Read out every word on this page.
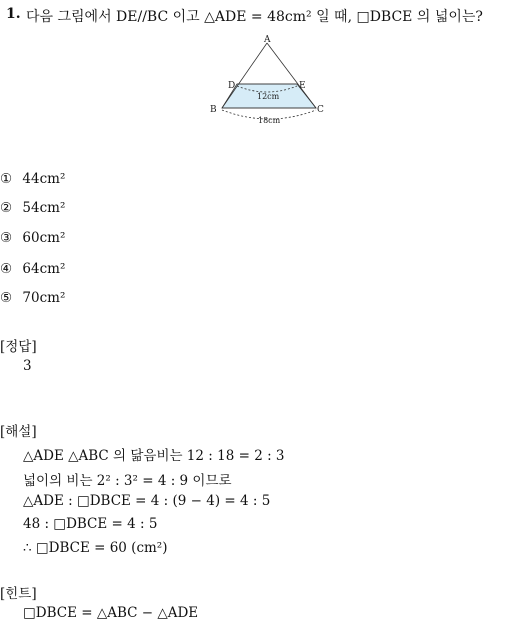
1. 다음 그림에서 DE//BC 이고 △ADE = 48cm² 일 때, □DBCE 의 넓이는?
A
D	E
B	C
12cm
18cm
① 44cm²
② 54cm²
③ 60cm²
④ 64cm²
⑤ 70cm²
[정답]
3
[해설]
△ADE △ABC 의 닮음비는 12 : 18 = 2 : 3
넓이의 비는 2² : 3² = 4 : 9 이므로
△ADE : □DBCE = 4 : (9 − 4) = 4 : 5
48 : □DBCE = 4 : 5
∴ □DBCE = 60 (cm²)
[힌트]
□DBCE = △ABC − △ADE
